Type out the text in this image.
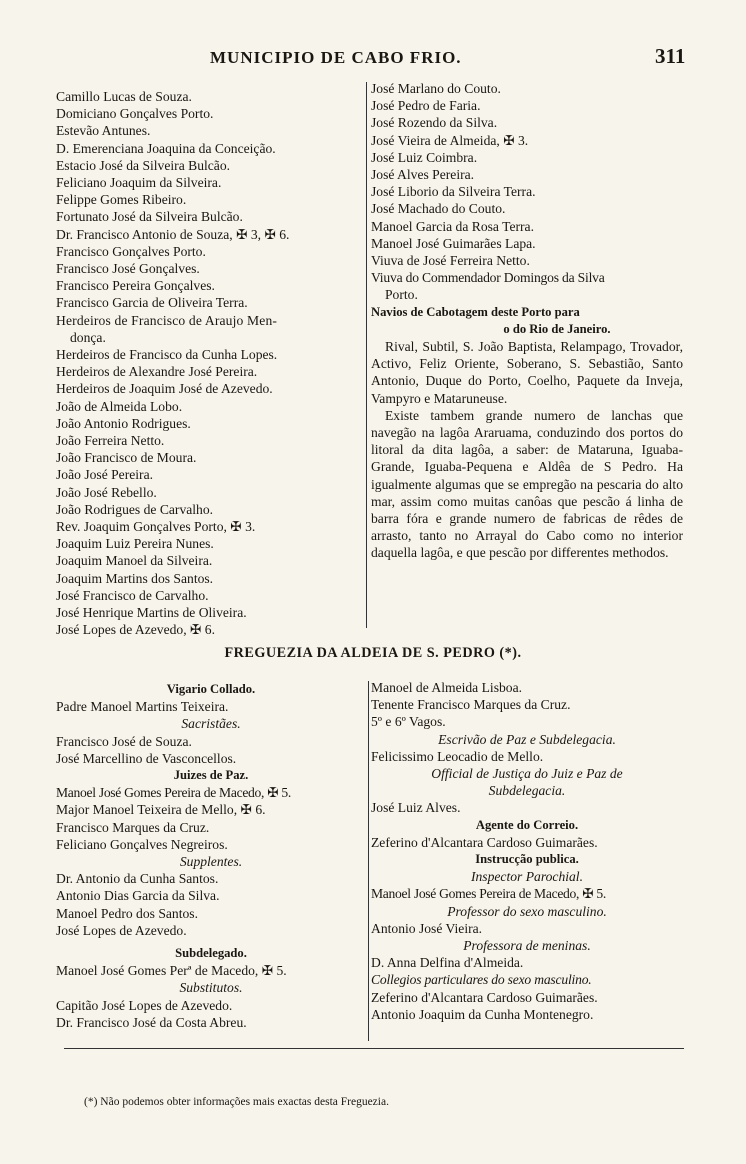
MUNICIPIO DE CABO FRIO.	311
Camillo Lucas de Souza.
Domiciano Gonçalves Porto.
Estevão Antunes.
D. Emerenciana Joaquina da Conceição.
Estacio José da Silveira Bulcão.
Feliciano Joaquim da Silveira.
Felippe Gomes Ribeiro.
Fortunato José da Silveira Bulcão.
Dr. Francisco Antonio de Souza, ✠ 3, ✠ 6.
Francisco Gonçalves Porto.
Francisco José Gonçalves.
Francisco Pereira Gonçalves.
Francisco Garcia de Oliveira Terra.
Herdeiros de Francisco de Araujo Men-
donça.
Herdeiros de Francisco da Cunha Lopes.
Herdeiros de Alexandre José Pereira.
Herdeiros de Joaquim José de Azevedo.
João de Almeida Lobo.
João Antonio Rodrigues.
João Ferreira Netto.
João Francisco de Moura.
João José Pereira.
João José Rebello.
João Rodrigues de Carvalho.
Rev. Joaquim Gonçalves Porto, ✠ 3.
Joaquim Luiz Pereira Nunes.
Joaquim Manoel da Silveira.
Joaquim Martins dos Santos.
José Francisco de Carvalho.
José Henrique Martins de Oliveira.
José Lopes de Azevedo, ✠ 6.
José Marlano do Couto.
José Pedro de Faria.
José Rozendo da Silva.
José Vieira de Almeida, ✠ 3.
José Luiz Coimbra.
José Alves Pereira.
José Liborio da Silveira Terra.
José Machado do Couto.
Manoel Garcia da Rosa Terra.
Manoel José Guimarães Lapa.
Viuva de José Ferreira Netto.
Viuva do Commendador Domingos da Silva
Porto.
Navios de Cabotagem deste Porto para
o do Rio de Janeiro.
Rival, Subtil, S. João Baptista, Relampago, Trovador, Activo, Feliz Oriente, Soberano, S. Sebastião, Santo Antonio, Duque do Porto, Coelho, Paquete da Inveja, Vampyro e Mataruneuse.
Existe tambem grande numero de lanchas que navegão na lagôa Araruama, conduzindo dos portos do litoral da dita lagôa, a saber: de Mataruna, Iguaba-Grande, Iguaba-Pequena e Aldêa de S Pedro. Ha igualmente algumas que se empregão na pescaria do alto mar, assim como muitas canôas que pescão á linha de barra fóra e grande numero de fabricas de rêdes de arrasto, tanto no Arrayal do Cabo como no interior daquella lagôa, e que pescão por differentes methodos.
FREGUEZIA DA ALDEIA DE S. PEDRO (*).
Vigario Collado.
Padre Manoel Martins Teixeira.
Sacristães.
Francisco José de Souza.
José Marcellino de Vasconcellos.
Juizes de Paz.
Manoel José Gomes Pereira de Macedo, ✠ 5.
Major Manoel Teixeira de Mello, ✠ 6.
Francisco Marques da Cruz.
Feliciano Gonçalves Negreiros.
Supplentes.
Dr. Antonio da Cunha Santos.
Antonio Dias Garcia da Silva.
Manoel Pedro dos Santos.
José Lopes de Azevedo.
Subdelegado.
Manoel José Gomes Perª de Macedo, ✠ 5.
Substitutos.
Capitão José Lopes de Azevedo.
Dr. Francisco José da Costa Abreu.
Manoel de Almeida Lisboa.
Tenente Francisco Marques da Cruz.
5º e 6º Vagos.
Escrivão de Paz e Subdelegacia.
Felicissimo Leocadio de Mello.
Official de Justiça do Juiz e Paz de
Subdelegacia.
José Luiz Alves.
Agente do Correio.
Zeferino d'Alcantara Cardoso Guimarães.
Instrucção publica.
Inspector Parochial.
Manoel José Gomes Pereira de Macedo, ✠ 5.
Professor do sexo masculino.
Antonio José Vieira.
Professora de meninas.
D. Anna Delfina d'Almeida.
Collegios particulares do sexo masculino.
Zeferino d'Alcantara Cardoso Guimarães.
Antonio Joaquim da Cunha Montenegro.
(*) Não podemos obter informações mais exactas desta Freguezia.
